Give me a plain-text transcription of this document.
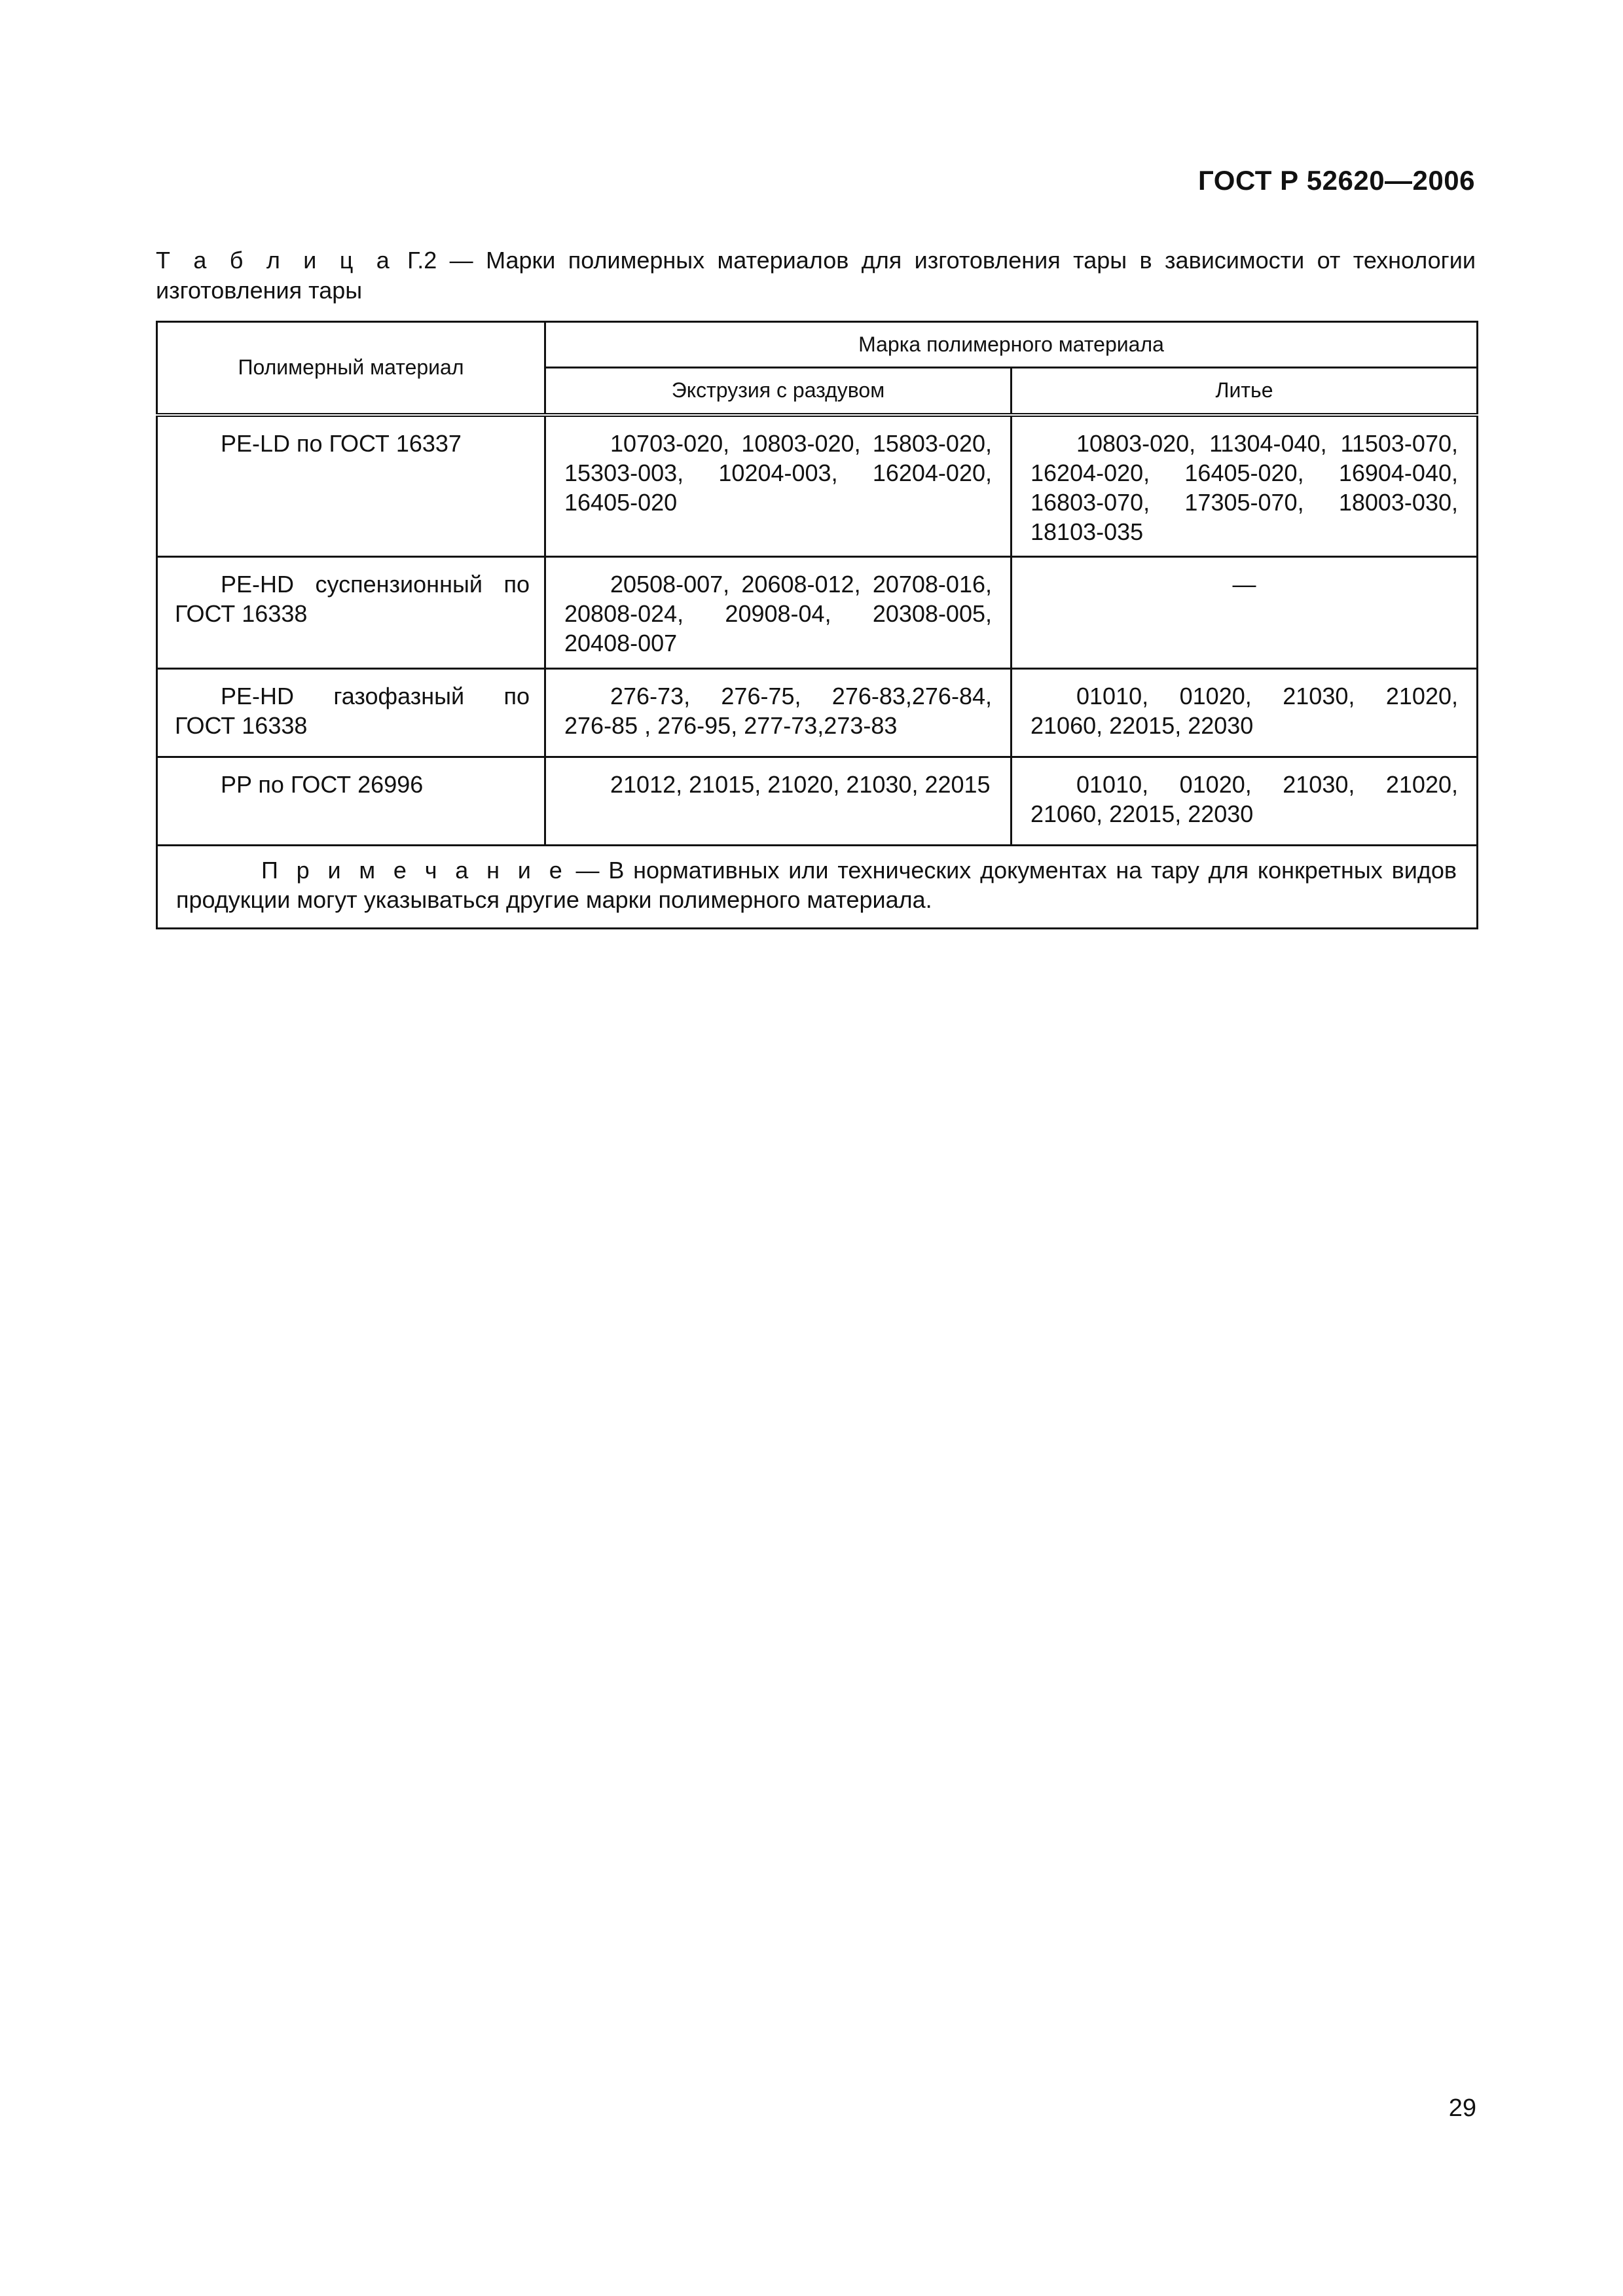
ГОСТ Р 52620—2006
Т а б л и ц а Г.2 — Марки полимерных материалов для изготовления тары в зависимости от технологии изготовления тары
Полимерный материал	Марка полимерного материала	
	Экструзия с раздувом	Литье
PE-LD по ГОСТ 16337	10703-020, 10803-020, 15803-020, 15303-003, 10204-003, 16204-020, 16405-020	10803-020, 11304-040, 11503-070, 16204-020, 16405-020, 16904-040, 16803-070, 17305-070, 18003-030, 18103-035
PE-HD суспензионный по ГОСТ 16338	20508-007, 20608-012, 20708-016, 20808-024, 20908-04, 20308-005, 20408-007	—
PE-HD газофазный по ГОСТ 16338	276-73, 276-75, 276-83,276-84, 276-85 , 276-95, 277-73,273-83	01010, 01020, 21030, 21020, 21060, 22015, 22030
PP по ГОСТ 26996	21012, 21015, 21020, 21030, 22015	01010, 01020, 21030, 21020, 21060, 22015, 22030
П р и м е ч а н и е — В нормативных или технических документах на тару для конкретных видов продукции могут указываться другие марки полимерного материала.		
29
